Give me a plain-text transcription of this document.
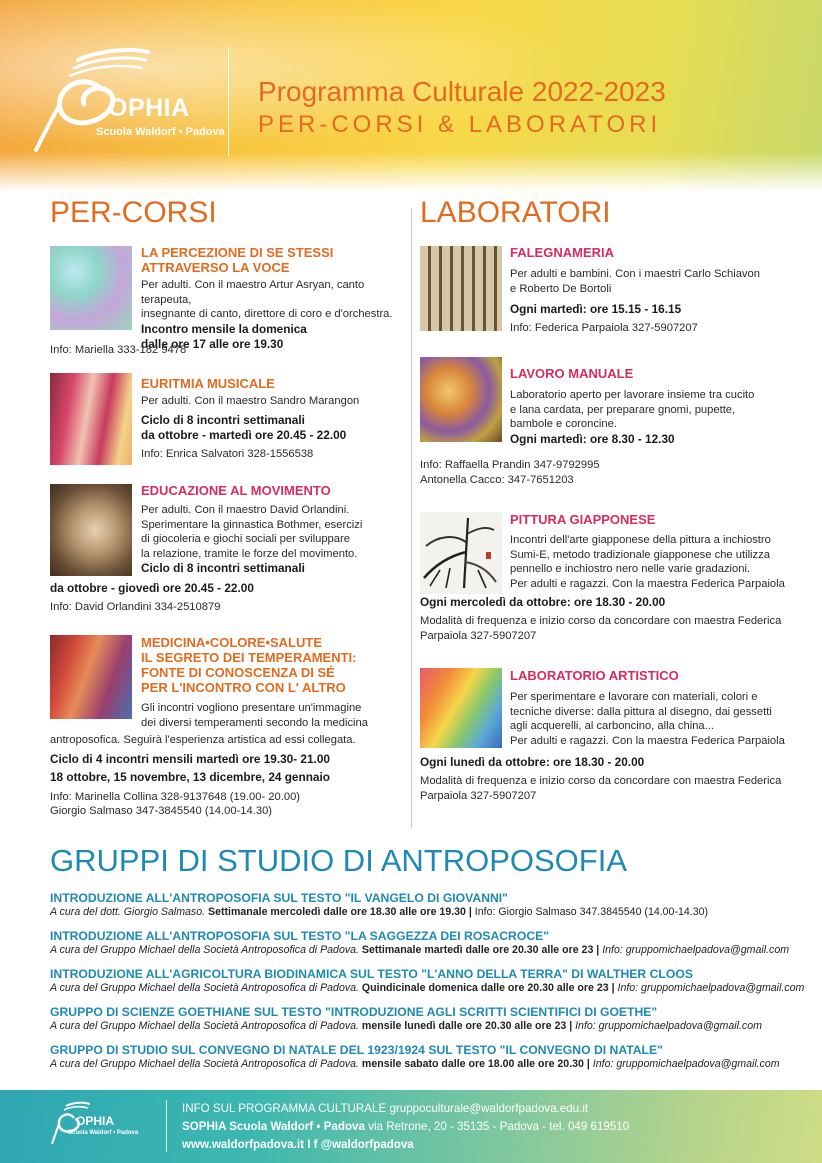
OPHIA
Scuola Waldorf • Padova
Programma Culturale 2022-2023
PER-CORSI & LABORATORI
PER-CORSI	LABORATORI
LA PERCEZIONE DI SE STESSI
ATTRAVERSO LA VOCE
Per adulti. Con il maestro Artur Asryan, canto terapeuta,
insegnante di canto, direttore di coro e d'orchestra.
Incontro mensile la domenica
dalle ore 17 alle ore 19.30
Info: Mariella 333-182 9478
EURITMIA MUSICALE
Per adulti. Con il maestro Sandro Marangon
Ciclo di 8 incontri settimanali
da ottobre - martedì ore 20.45 - 22.00
Info: Enrica Salvatori 328-1556538
EDUCAZIONE AL MOVIMENTO
Per adulti. Con il maestro David Orlandini.
Sperimentare la ginnastica Bothmer, esercizi
di giocoleria e giochi sociali per sviluppare
la relazione, tramite le forze del movimento.
Ciclo di 8 incontri settimanali
da ottobre - giovedì ore 20.45 - 22.00
Info: David Orlandini 334-2510879
MEDICINA•COLORE•SALUTE
IL SEGRETO DEI TEMPERAMENTI:
FONTE DI CONOSCENZA DI SÉ
PER L'INCONTRO CON L' ALTRO
Gli incontri vogliono presentare un'immagine
dei diversi temperamenti secondo la medicina
antroposofica. Seguirà l'esperienza artistica ad essi collegata.
Ciclo di 4 incontri mensili martedì ore 19.30- 21.00
18 ottobre, 15 novembre, 13 dicembre, 24 gennaio
Info: Marinella Collina 328-9137648 (19.00- 20.00)
Giorgio Salmaso 347-3845540 (14.00-14.30)
FALEGNAMERIA
Per adulti e bambini. Con i maestri Carlo Schiavon
e Roberto De Bortoli
Ogni martedì: ore 15.15 - 16.15
Info: Federica Parpaiola 327-5907207
LAVORO MANUALE
Laboratorio aperto per lavorare insieme tra cucito
e lana cardata, per preparare gnomi, pupette,
bambole e coroncine.
Ogni martedì: ore 8.30 - 12.30
Info: Raffaella Prandin 347-9792995
Antonella Cacco: 347-7651203
PITTURA GIAPPONESE
Incontri dell'arte giapponese della pittura a inchiostro
Sumi-E, metodo tradizionale giapponese che utilizza
pennello e inchiostro nero nelle varie gradazioni.
Per adulti e ragazzi. Con la maestra Federica Parpaiola
Ogni mercoledì da ottobre: ore 18.30 - 20.00
Modalità di frequenza e inizio corso da concordare con maestra Federica
Parpaiola 327-5907207
LABORATORIO ARTISTICO
Per sperimentare e lavorare con materiali, colori e
tecniche diverse: dalla pittura al disegno, dai gessetti
agli acquerelli, al carboncino, alla china...
Per adulti e ragazzi. Con la maestra Federica Parpaiola
Ogni lunedì da ottobre: ore 18.30 - 20.00
Modalità di frequenza e inizio corso da concordare con maestra Federica
Parpaiola 327-5907207
GRUPPI DI STUDIO DI ANTROPOSOFIA
INTRODUZIONE ALL'ANTROPOSOFIA SUL TESTO "IL VANGELO DI GIOVANNI"
A cura del dott. Giorgio Salmaso. Settimanale mercoledì dalle ore 18.30 alle ore 19.30 | Info: Giorgio Salmaso 347.3845540 (14.00-14.30)
INTRODUZIONE ALL'ANTROPOSOFIA SUL TESTO "LA SAGGEZZA DEI ROSACROCE"
A cura del Gruppo Michael della Società Antroposofica di Padova. Settimanale martedì dalle ore 20.30 alle ore 23 | Info: gruppomichaelpadova@gmail.com
INTRODUZIONE ALL'AGRICOLTURA BIODINAMICA SUL TESTO "L'ANNO DELLA TERRA" DI WALTHER CLOOS
A cura del Gruppo Michael della Società Antroposofica di Padova. Quindicinale domenica dalle ore 20.30 alle ore 23 | Info: gruppomichaelpadova@gmail.com
GRUPPO DI SCIENZE GOETHIANE SUL TESTO "INTRODUZIONE AGLI SCRITTI SCIENTIFICI DI GOETHE"
A cura del Gruppo Michael della Società Antroposofica di Padova. mensile lunedì dalle ore 20.30 alle ore 23 | Info: gruppomichaelpadova@gmail.com
GRUPPO DI STUDIO SUL CONVEGNO DI NATALE DEL 1923/1924 SUL TESTO "IL CONVEGNO DI NATALE"
A cura del Gruppo Michael della Società Antroposofica di Padova. mensile sabato dalle ore 18.00 alle ore 20.30 | Info: gruppomichaelpadova@gmail.com
OPHIA
Scuola Waldorf • Padova
INFO SUL PROGRAMMA CULTURALE gruppoculturale@waldorfpadova.edu.it
SOPHIA Scuola Waldorf • Padova via Retrone, 20 - 35135 - Padova - tel. 049 619510
www.waldorfpadova.it I f @waldorfpadova
